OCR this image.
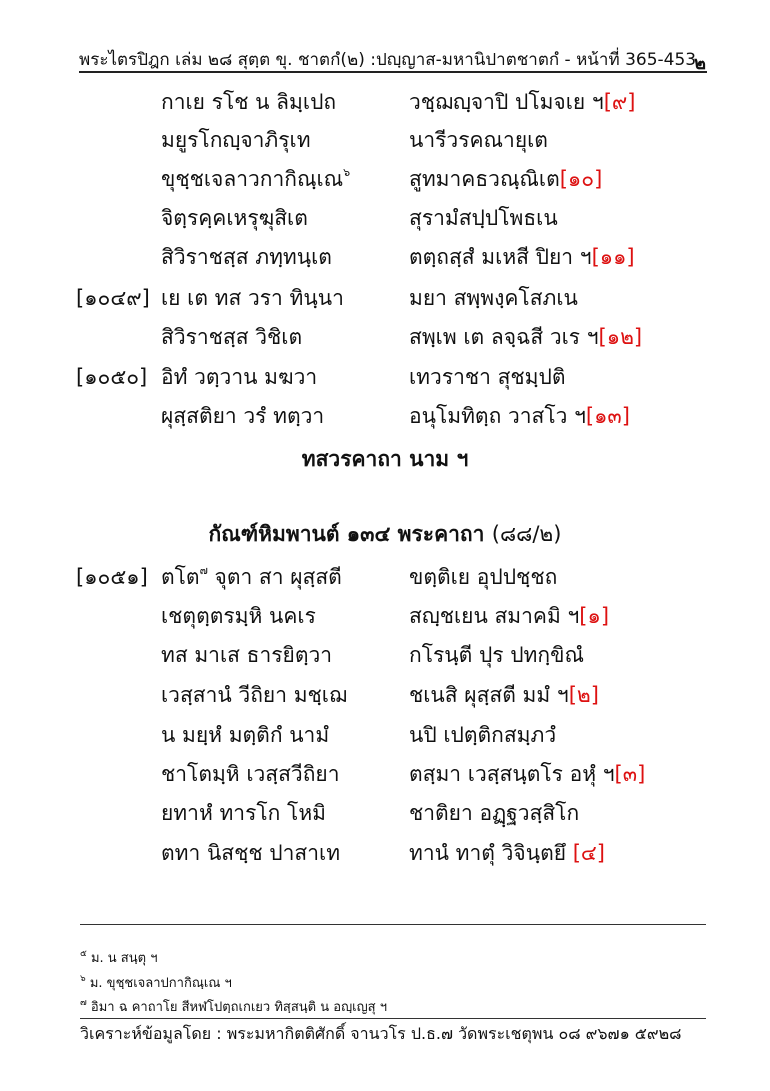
พระไตรปิฎก เล่ม ๒๘ สุตฺต ขุ. ชาตกํ(๒) :ปญฺญาส-มหานิปาตชาตกํ - หน้าที่ 365-453
๒
กาเย รโช น ลิมฺเปถ	วชฺฌญฺจาปิ ปโมจเย ฯ[๙]
มยูรโกญฺจาภิรุเท	นารีวรคณายุเต
ขุชฺชเจลาวกากิณฺเณ$^๖$	สูทมาคธวณฺณิเต[๑๐]
จิตฺรคฺคเหรุฆุสิเต	สุรามํสปฺปโพธเน
สิวิราชสฺส ภทฺทนฺเต	ตตฺถสฺสํ มเหสี ปิยา ฯ[๑๑]
[๑๐๔๙] เย เต ทส วรา ทินฺนา	มยา สพฺพงฺคโสภเน
สิวิราชสฺส วิชิเต	สพฺเพ เต ลจฺฉสี วเร ฯ[๑๒]
[๑๐๕๐] อิทํ วตฺวาน มฆวา	เทวราชา สุชมฺปติ
ผุสฺสติยา วรํ ทตฺวา	อนุโมทิตฺถ วาสโว ฯ[๑๓]
ทสวรคาถา นาม ฯ
กัณฑ์หิมพานต์ ๑๓๔ พระคาถา (๘๘/๒)
[๑๐๕๑] ตโต$^๗$ จุตา สา ผุสฺสตี	ขตฺติเย อุปปชฺชถ
เชตุตฺตรมฺหิ นคเร	สญฺชเยน สมาคมิ ฯ[๑]
ทส มาเส ธารยิตฺวา	กโรนฺตี ปุร ปทกฺขิณํ
เวสฺสานํ วีถิยา มชฺเฌ	ชเนสิ ผุสฺสตี มมํ ฯ[๒]
น มยฺหํ มตฺติกํ นามํ	นปิ เปตฺติกสมฺภวํ
ชาโตมฺหิ เวสฺสวีถิยา	ตสฺมา เวสฺสนฺตโร อหุํ ฯ[๓]
ยทาหํ ทารโก โหมิ	ชาติยา อฏฺฐวสฺสิโก
ตทา นิสชฺช ปาสาเท	ทานํ ทาตุํ วิจินฺตยึ [๔]
$^๕$ ม. น สนฺตุ ฯ
$^๖$ ม. ขุชฺชเจลาปกากิณฺเณ ฯ
$^๗$ อิมา ฉ คาถาโย สีหฬโปตฺถเกเยว ทิสฺสนฺติ น อญฺเญสุ ฯ
วิเคราะห์ข้อมูลโดย : พระมหากิตติศักดิ์ จานวโร ป.ธ.๗ วัดพระเชตุพน ๐๘ ๙๖๗๑ ๕๙๒๘
